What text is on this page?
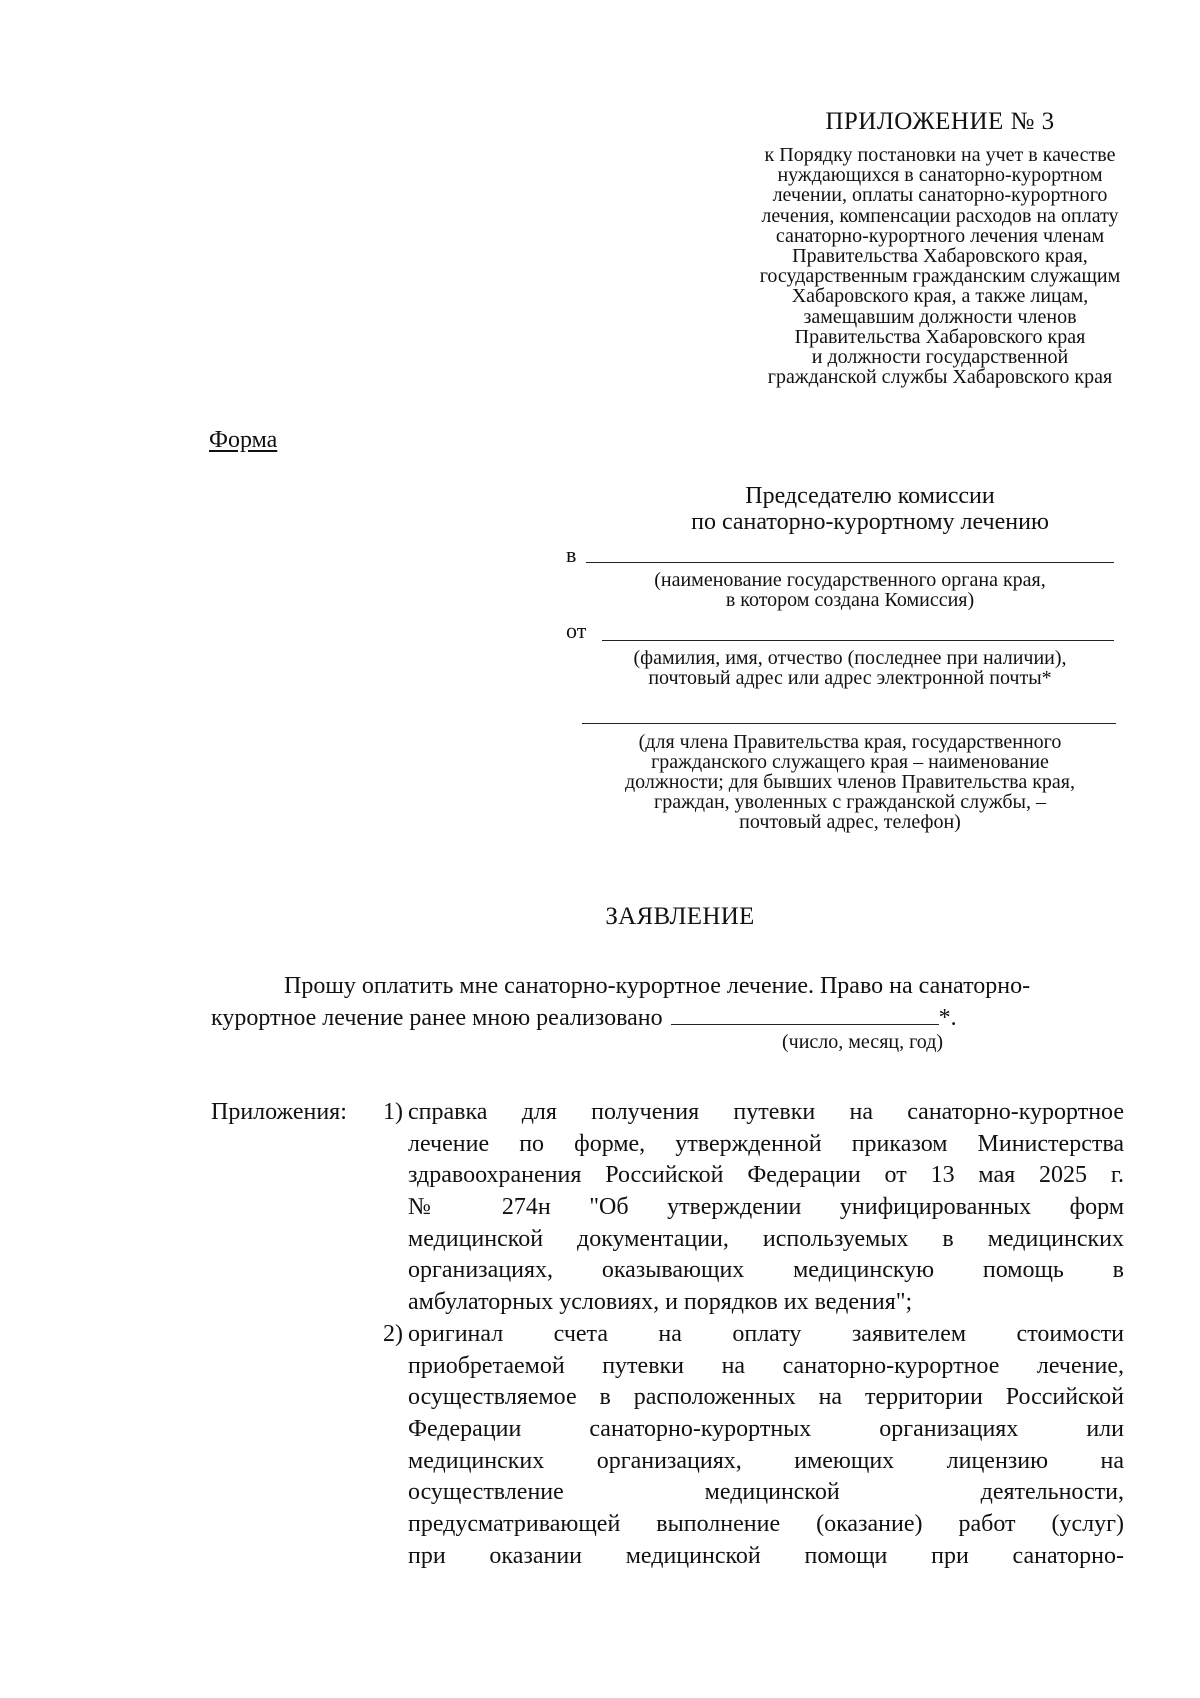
ПРИЛОЖЕНИЕ № 3
к Порядку постановки на учет в качестве
нуждающихся в санаторно-курортном
лечении, оплаты санаторно-курортного
лечения, компенсации расходов на оплату
санаторно-курортного лечения членам
Правительства Хабаровского края,
государственным гражданским служащим
Хабаровского края, а также лицам,
замещавшим должности членов
Правительства Хабаровского края
и должности государственной
гражданской службы Хабаровского края
Форма
Председателю комиссии
по санаторно-курортному лечению
в
(наименование государственного органа края,
в котором создана Комиссия)
от
(фамилия, имя, отчество (последнее при наличии),
почтовый адрес или адрес электронной почты*
(для члена Правительства края, государственного
гражданского служащего края – наименование
должности; для бывших членов Правительства края,
граждан, уволенных с гражданской службы, –
почтовый адрес, телефон)
ЗАЯВЛЕНИЕ
Прошу оплатить мне санаторно-курортное лечение. Право на санаторно-
курортное лечение ранее мною реализовано	*.
(число, месяц, год)
Приложения:	1) справка для получения путевки на санаторно-курортное
лечение по форме, утвержденной приказом Министерства
здравоохранения Российской Федерации от 13 мая 2025 г.
№ 274н "Об утверждении унифицированных форм
медицинской документации, используемых в медицинских
организациях, оказывающих медицинскую помощь в
амбулаторных условиях, и порядков их ведения";
2) оригинал счета на оплату заявителем стоимости
приобретаемой путевки на санаторно-курортное лечение,
осуществляемое в расположенных на территории Российской
Федерации санаторно-курортных организациях или
медицинских организациях, имеющих лицензию на
осуществление медицинской деятельности,
предусматривающей выполнение (оказание) работ (услуг)
при оказании медицинской помощи при санаторно-
